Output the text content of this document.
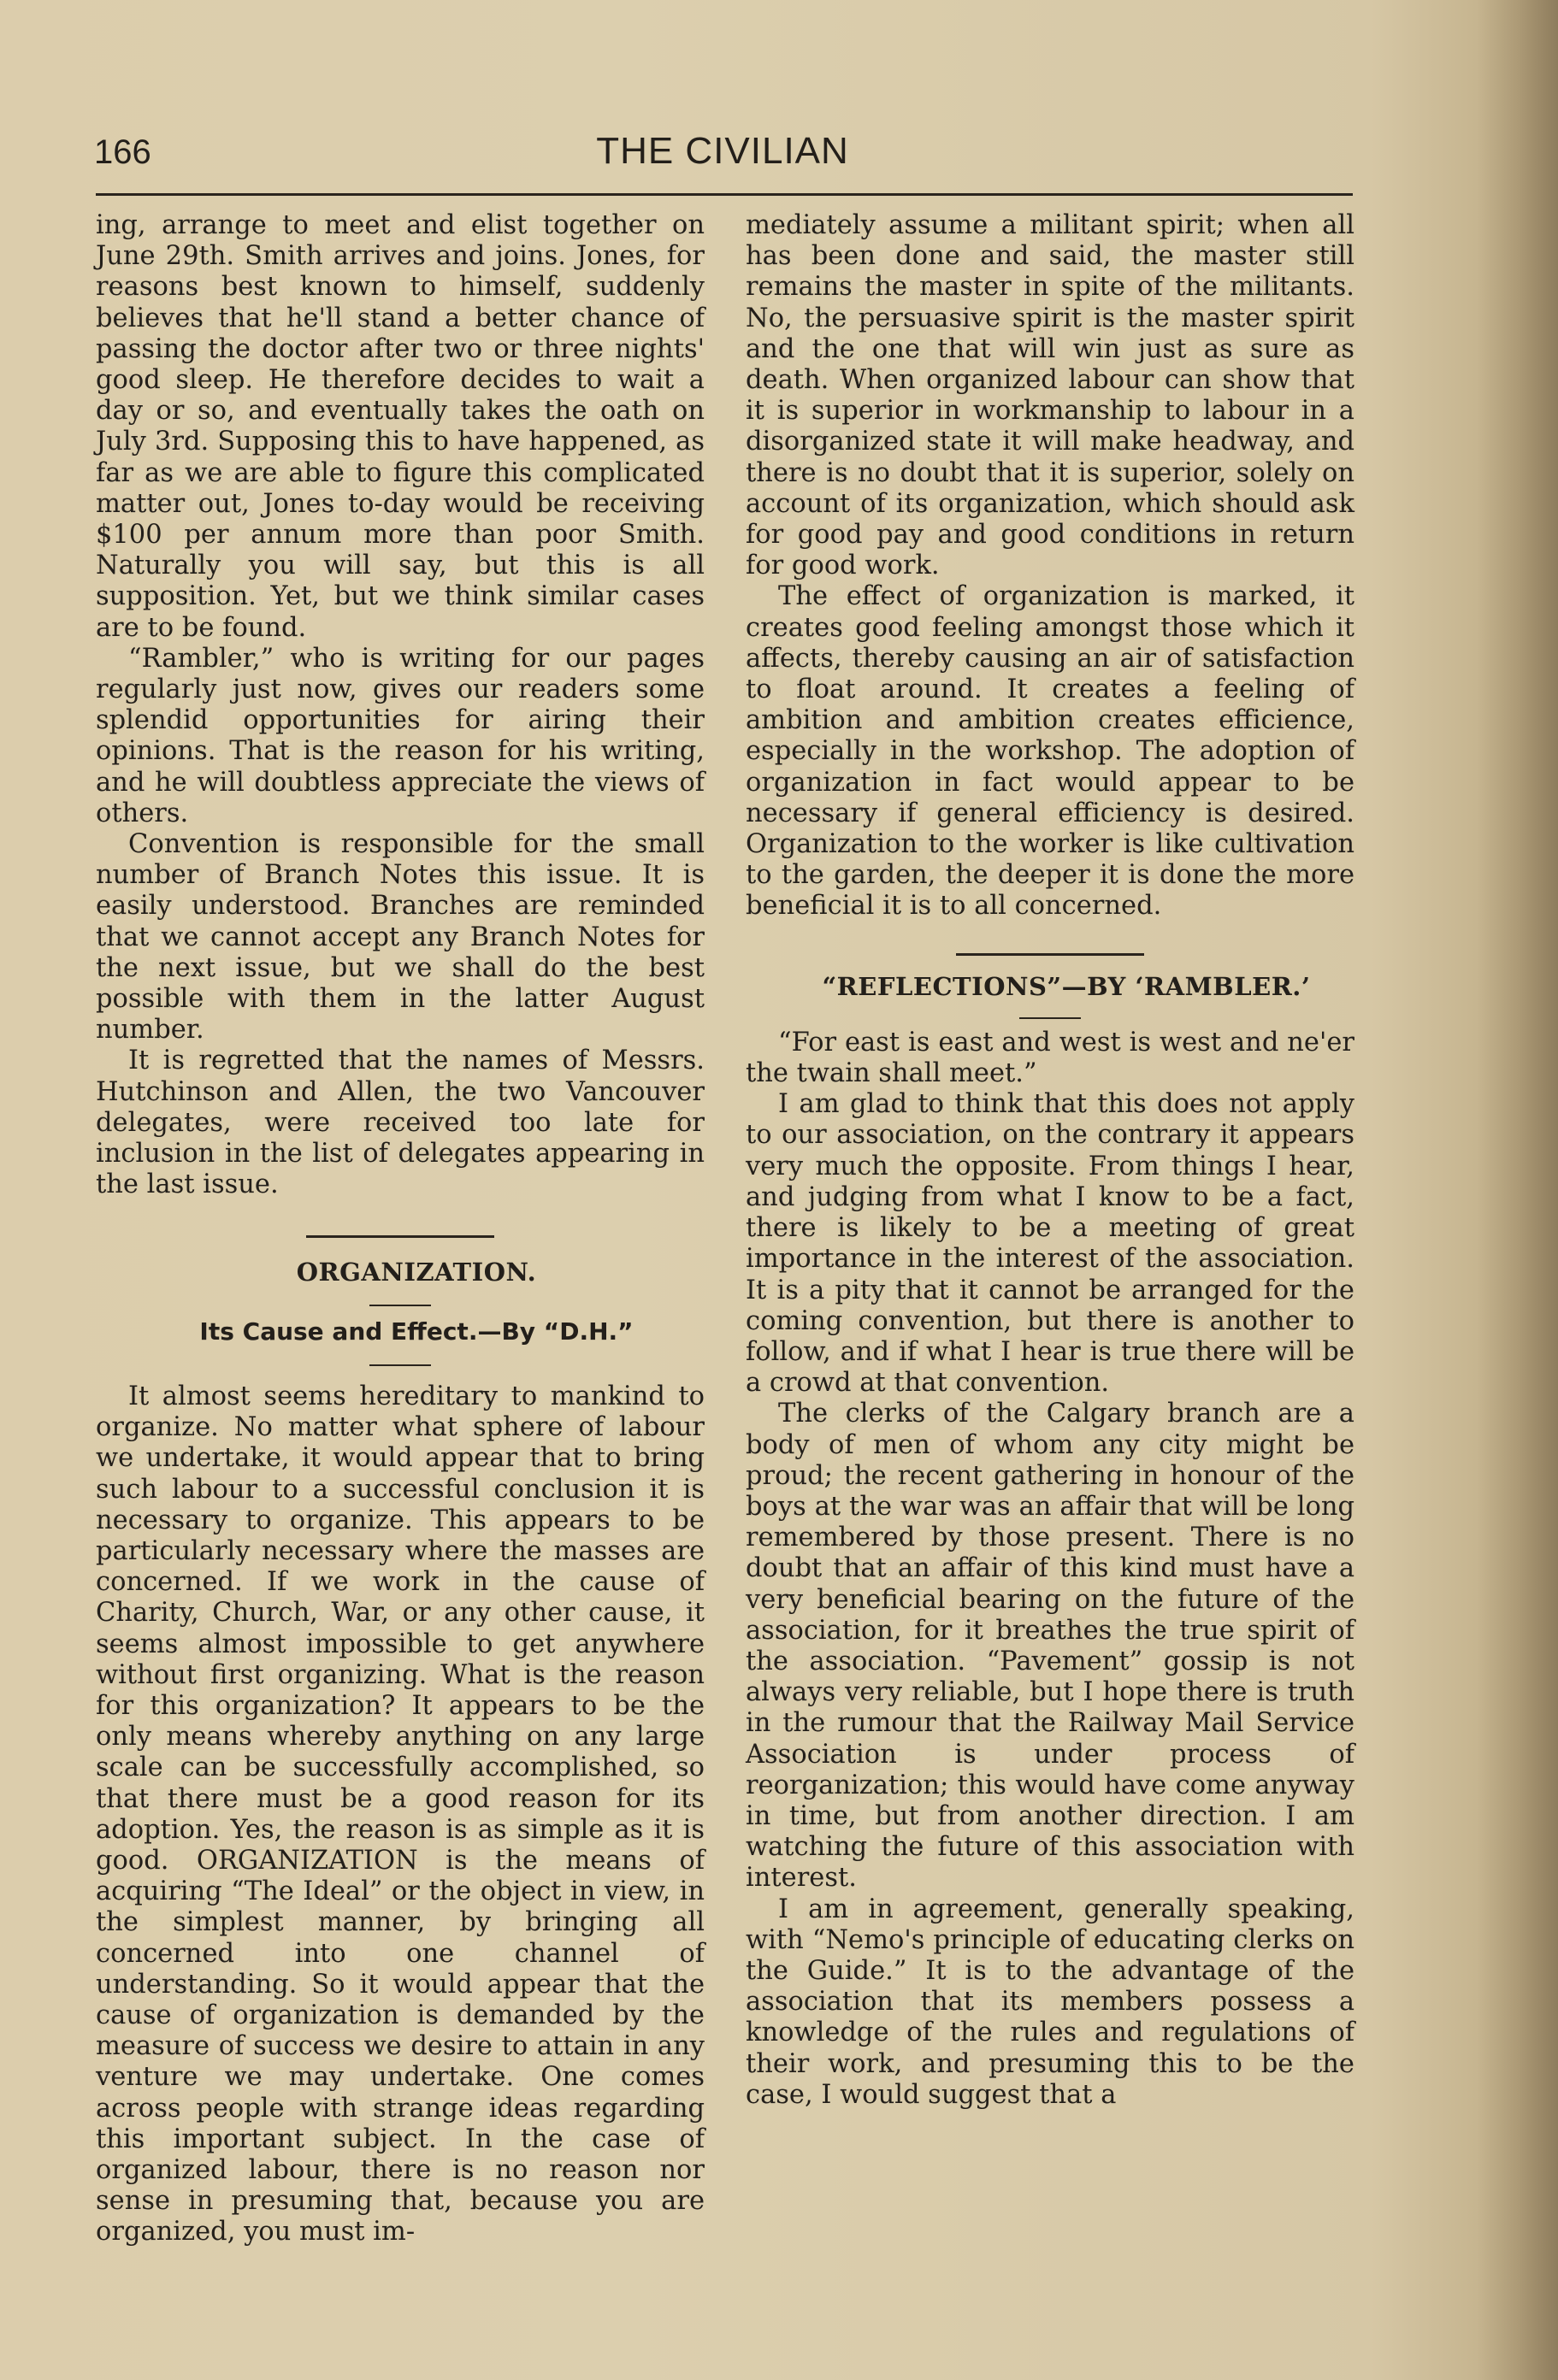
166	THE CIVILIAN

ing, arrange to meet and elist together on June 29th. Smith arrives and joins. Jones, for reasons best known to himself, suddenly believes that he'll stand a better chance of passing the doctor after two or three nights' good sleep. He therefore decides to wait a day or so, and eventually takes the oath on July 3rd. Supposing this to have happened, as far as we are able to figure this complicated matter out, Jones to-day would be receiving $100 per annum more than poor Smith. Naturally you will say, but this is all supposition. Yet, but we think similar cases are to be found.

“Rambler,” who is writing for our pages regularly just now, gives our readers some splendid opportunities for airing their opinions. That is the reason for his writing, and he will doubtless appreciate the views of others.

Convention is responsible for the small number of Branch Notes this issue. It is easily understood. Branches are reminded that we cannot accept any Branch Notes for the next issue, but we shall do the best possible with them in the latter August number.

It is regretted that the names of Messrs. Hutchinson and Allen, the two Vancouver delegates, were received too late for inclusion in the list of delegates appearing in the last issue.

ORGANIZATION.

Its Cause and Effect.—By “D.H.”

It almost seems hereditary to mankind to organize. No matter what sphere of labour we undertake, it would appear that to bring such labour to a successful conclusion it is necessary to organize. This appears to be particularly necessary where the masses are concerned. If we work in the cause of Charity, Church, War, or any other cause, it seems almost impossible to get anywhere without first organizing. What is the reason for this organization? It appears to be the only means whereby anything on any large scale can be successfully accomplished, so that there must be a good reason for its adoption. Yes, the reason is as simple as it is good. ORGANIZATION is the means of acquiring “The Ideal” or the object in view, in the simplest manner, by bringing all concerned into one channel of understanding. So it would appear that the cause of organization is demanded by the measure of success we desire to attain in any venture we may undertake. One comes across people with strange ideas regarding this important subject. In the case of organized labour, there is no reason nor sense in presuming that, because you are organized, you must im-

mediately assume a militant spirit; when all has been done and said, the master still remains the master in spite of the militants. No, the persuasive spirit is the master spirit and the one that will win just as sure as death. When organized labour can show that it is superior in workmanship to labour in a disorganized state it will make headway, and there is no doubt that it is superior, solely on account of its organization, which should ask for good pay and good conditions in return for good work.

The effect of organization is marked, it creates good feeling amongst those which it affects, thereby causing an air of satisfaction to float around. It creates a feeling of ambition and ambition creates efficience, especially in the workshop. The adoption of organization in fact would appear to be necessary if general efficiency is desired. Organization to the worker is like cultivation to the garden, the deeper it is done the more beneficial it is to all concerned.

“REFLECTIONS”—BY ‘RAMBLER.’

“For east is east and west is west and ne'er the twain shall meet.”

I am glad to think that this does not apply to our association, on the contrary it appears very much the opposite. From things I hear, and judging from what I know to be a fact, there is likely to be a meeting of great importance in the interest of the association. It is a pity that it cannot be arranged for the coming convention, but there is another to follow, and if what I hear is true there will be a crowd at that convention.

The clerks of the Calgary branch are a body of men of whom any city might be proud; the recent gathering in honour of the boys at the war was an affair that will be long remembered by those present. There is no doubt that an affair of this kind must have a very beneficial bearing on the future of the association, for it breathes the true spirit of the association. “Pavement” gossip is not always very reliable, but I hope there is truth in the rumour that the Railway Mail Service Association is under process of reorganization; this would have come anyway in time, but from another direction. I am watching the future of this association with interest.

I am in agreement, generally speaking, with “Nemo's principle of educating clerks on the Guide.” It is to the advantage of the association that its members possess a knowledge of the rules and regulations of their work, and presuming this to be the case, I would suggest that a
